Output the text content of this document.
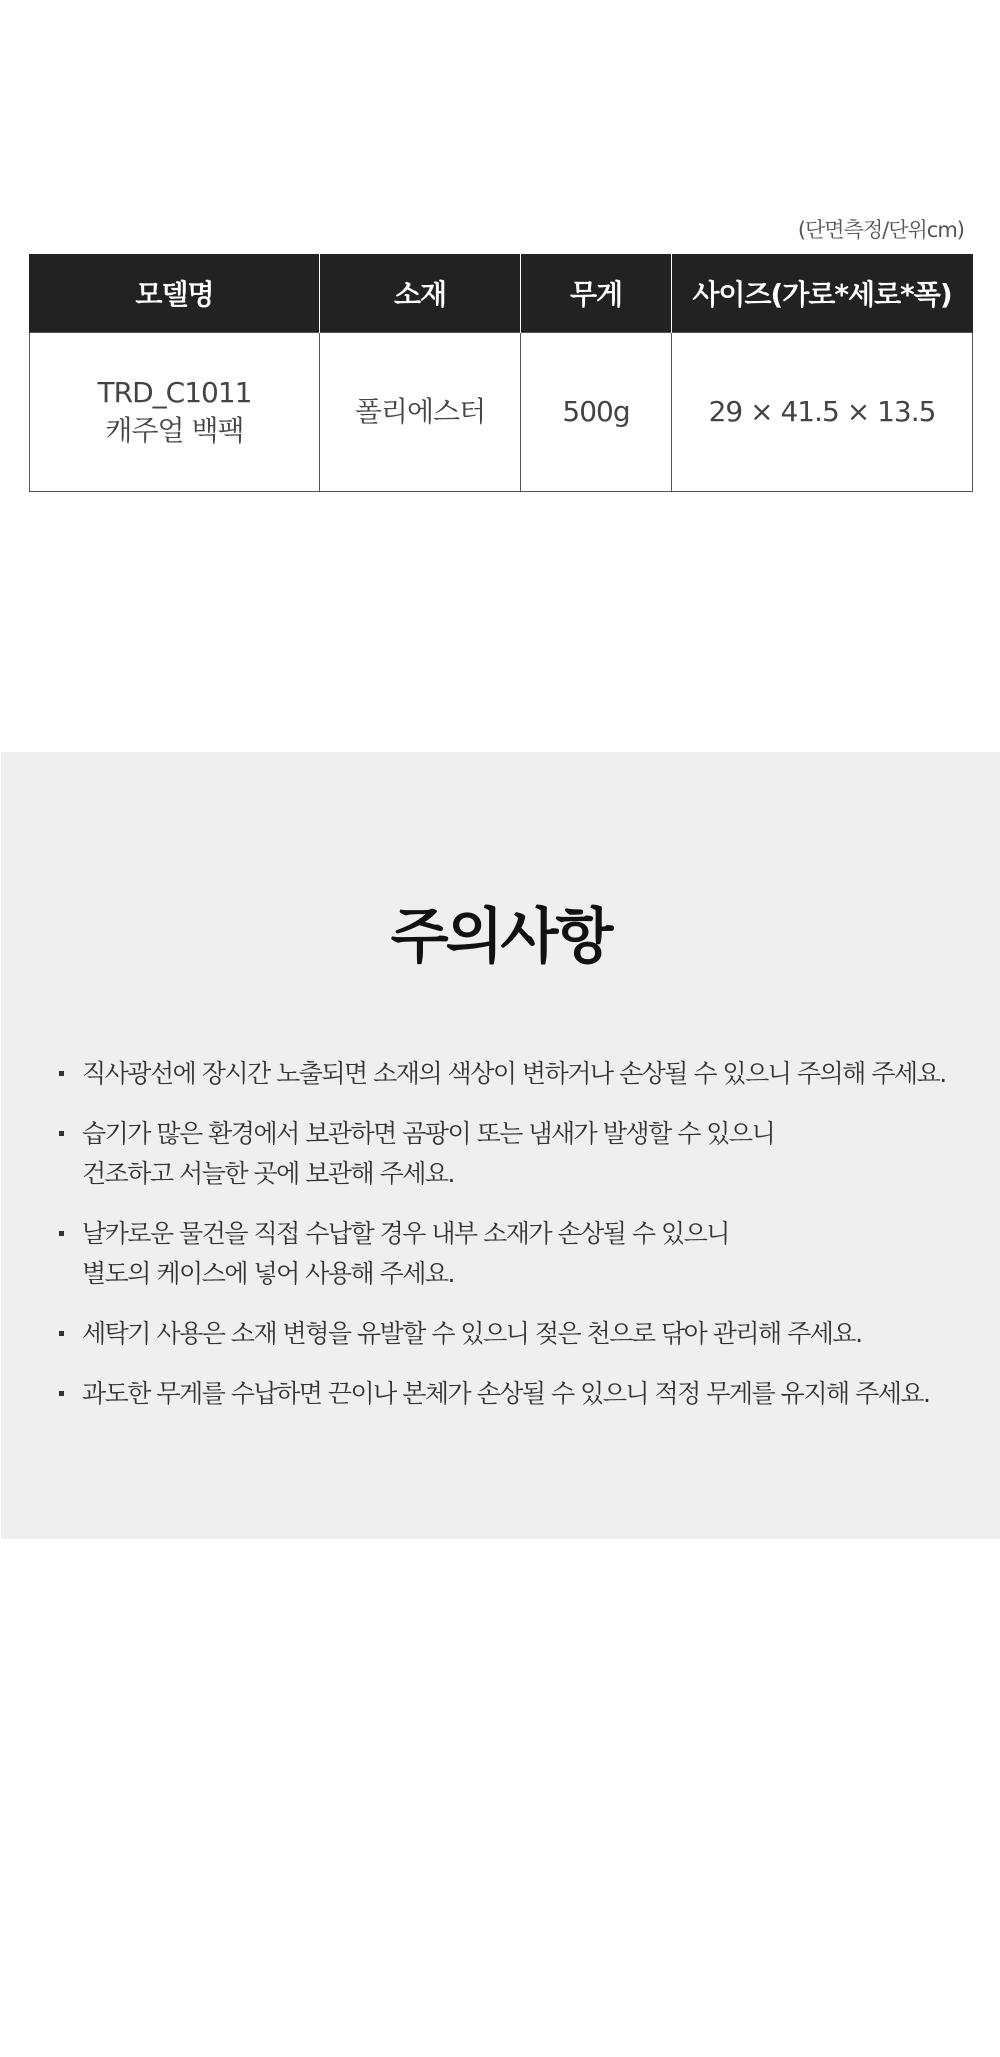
(단면측정/단위cm)
모델명	소재	무게	사이즈(가로*세로*폭)

TRD_C1011
캐주얼 백팩	폴리에스터	500g	29 × 41.5 × 13.5
주의사항
직사광선에 장시간 노출되면 소재의 색상이 변하거나 손상될 수 있으니 주의해 주세요.
습기가 많은 환경에서 보관하면 곰팡이 또는 냄새가 발생할 수 있으니
건조하고 서늘한 곳에 보관해 주세요.
날카로운 물건을 직접 수납할 경우 내부 소재가 손상될 수 있으니
별도의 케이스에 넣어 사용해 주세요.
세탁기 사용은 소재 변형을 유발할 수 있으니 젖은 천으로 닦아 관리해 주세요.
과도한 무게를 수납하면 끈이나 본체가 손상될 수 있으니 적정 무게를 유지해 주세요.
